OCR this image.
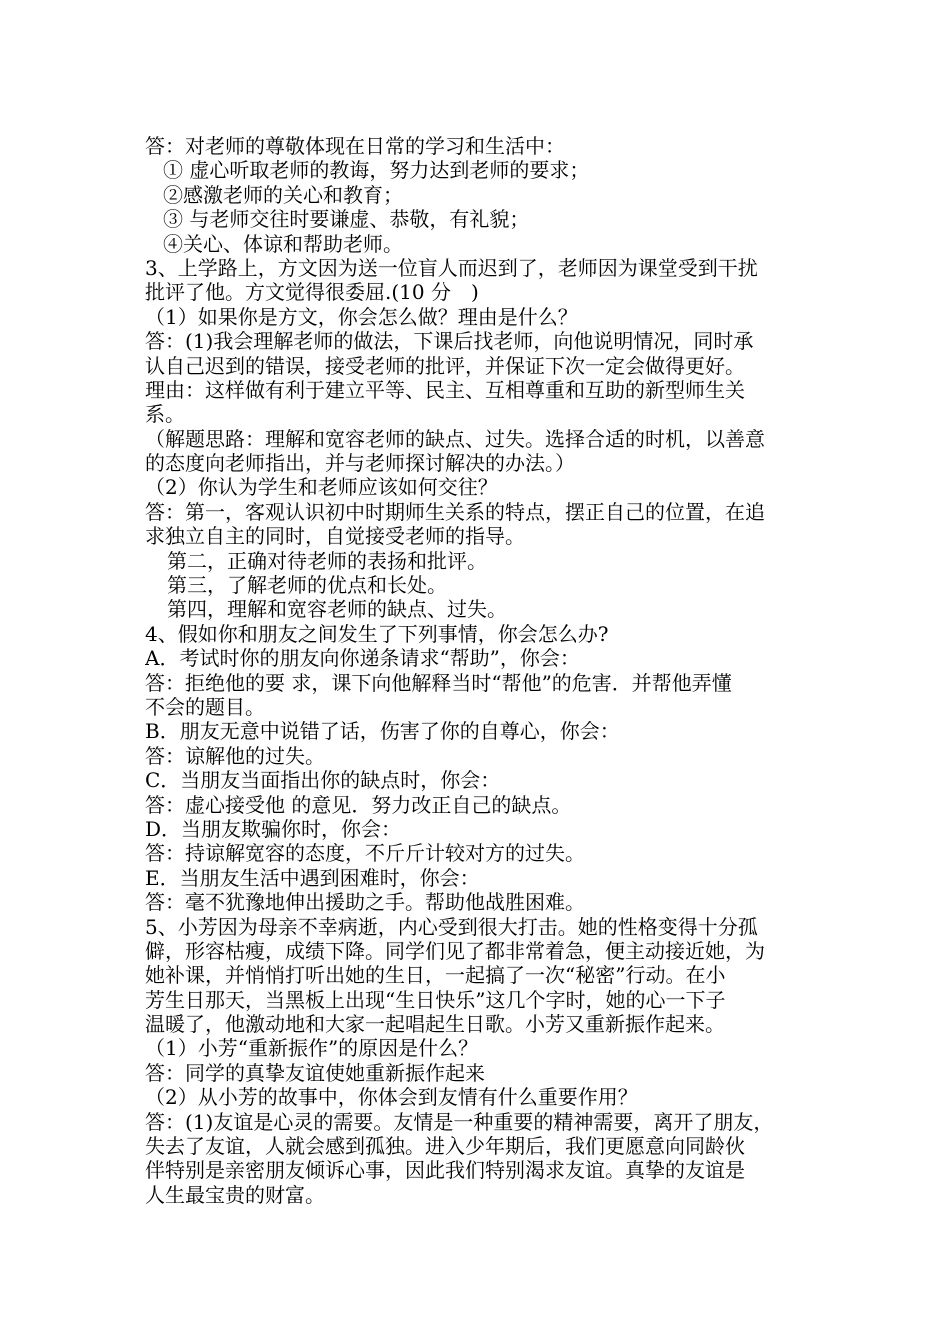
答：对老师的尊敬体现在日常的学习和生活中：
① 虚心听取老师的教诲，努力达到老师的要求；
②感激老师的关心和教育；
③ 与老师交往时要谦虚、恭敬，有礼貌；
④关心、体谅和帮助老师。
3、上学路上，方文因为送一位盲人而迟到了，老师因为课堂受到干扰
批评了他。方文觉得很委屈.(10 分　)
（1）如果你是方文，你会怎么做？理由是什么？
答：(1)我会理解老师的做法，下课后找老师，向他说明情况，同时承
认自己迟到的错误，接受老师的批评，并保证下次一定会做得更好。
理由：这样做有利于建立平等、民主、互相尊重和互助的新型师生关
系。
（解题思路：理解和宽容老师的缺点、过失。选择合适的时机，以善意
的态度向老师指出，并与老师探讨解决的办法。）
（2）你认为学生和老师应该如何交往？
答：第一，客观认识初中时期师生关系的特点，摆正自己的位置，在追
求独立自主的同时，自觉接受老师的指导。
第二，正确对待老师的表扬和批评。
第三，了解老师的优点和长处。
第四，理解和宽容老师的缺点、过失。
4、假如你和朋友之间发生了下列事情，你会怎么办?
A．考试时你的朋友向你递条请求“帮助”，你会：
答：拒绝他的要 求，课下向他解释当时“帮他”的危害．并帮他弄懂
不会的题目。
B．朋友无意中说错了话，伤害了你的自尊心，你会：
答：谅解他的过失。
C．当朋友当面指出你的缺点时，你会：
答：虚心接受他 的意见．努力改正自己的缺点。
D．当朋友欺骗你时，你会：
答：持谅解宽容的态度，不斤斤计较对方的过失。
E．当朋友生活中遇到困难时，你会：
答：毫不犹豫地伸出援助之手。帮助他战胜困难。
5、小芳因为母亲不幸病逝，内心受到很大打击。她的性格变得十分孤
僻，形容枯瘦，成绩下降。同学们见了都非常着急，便主动接近她，为
她补课，并悄悄打听出她的生日，一起搞了一次“秘密”行动。在小
芳生日那天，当黑板上出现“生日快乐”这几个字时，她的心一下子
温暖了，他激动地和大家一起唱起生日歌。小芳又重新振作起来。
（1）小芳“重新振作”的原因是什么？
答：同学的真挚友谊使她重新振作起来
（2）从小芳的故事中，你体会到友情有什么重要作用？
答：(1)友谊是心灵的需要。友情是一种重要的精神需要，离开了朋友，
失去了友谊，人就会感到孤独。进入少年期后，我们更愿意向同龄伙
伴特别是亲密朋友倾诉心事，因此我们特别渴求友谊。真挚的友谊是
人生最宝贵的财富。
